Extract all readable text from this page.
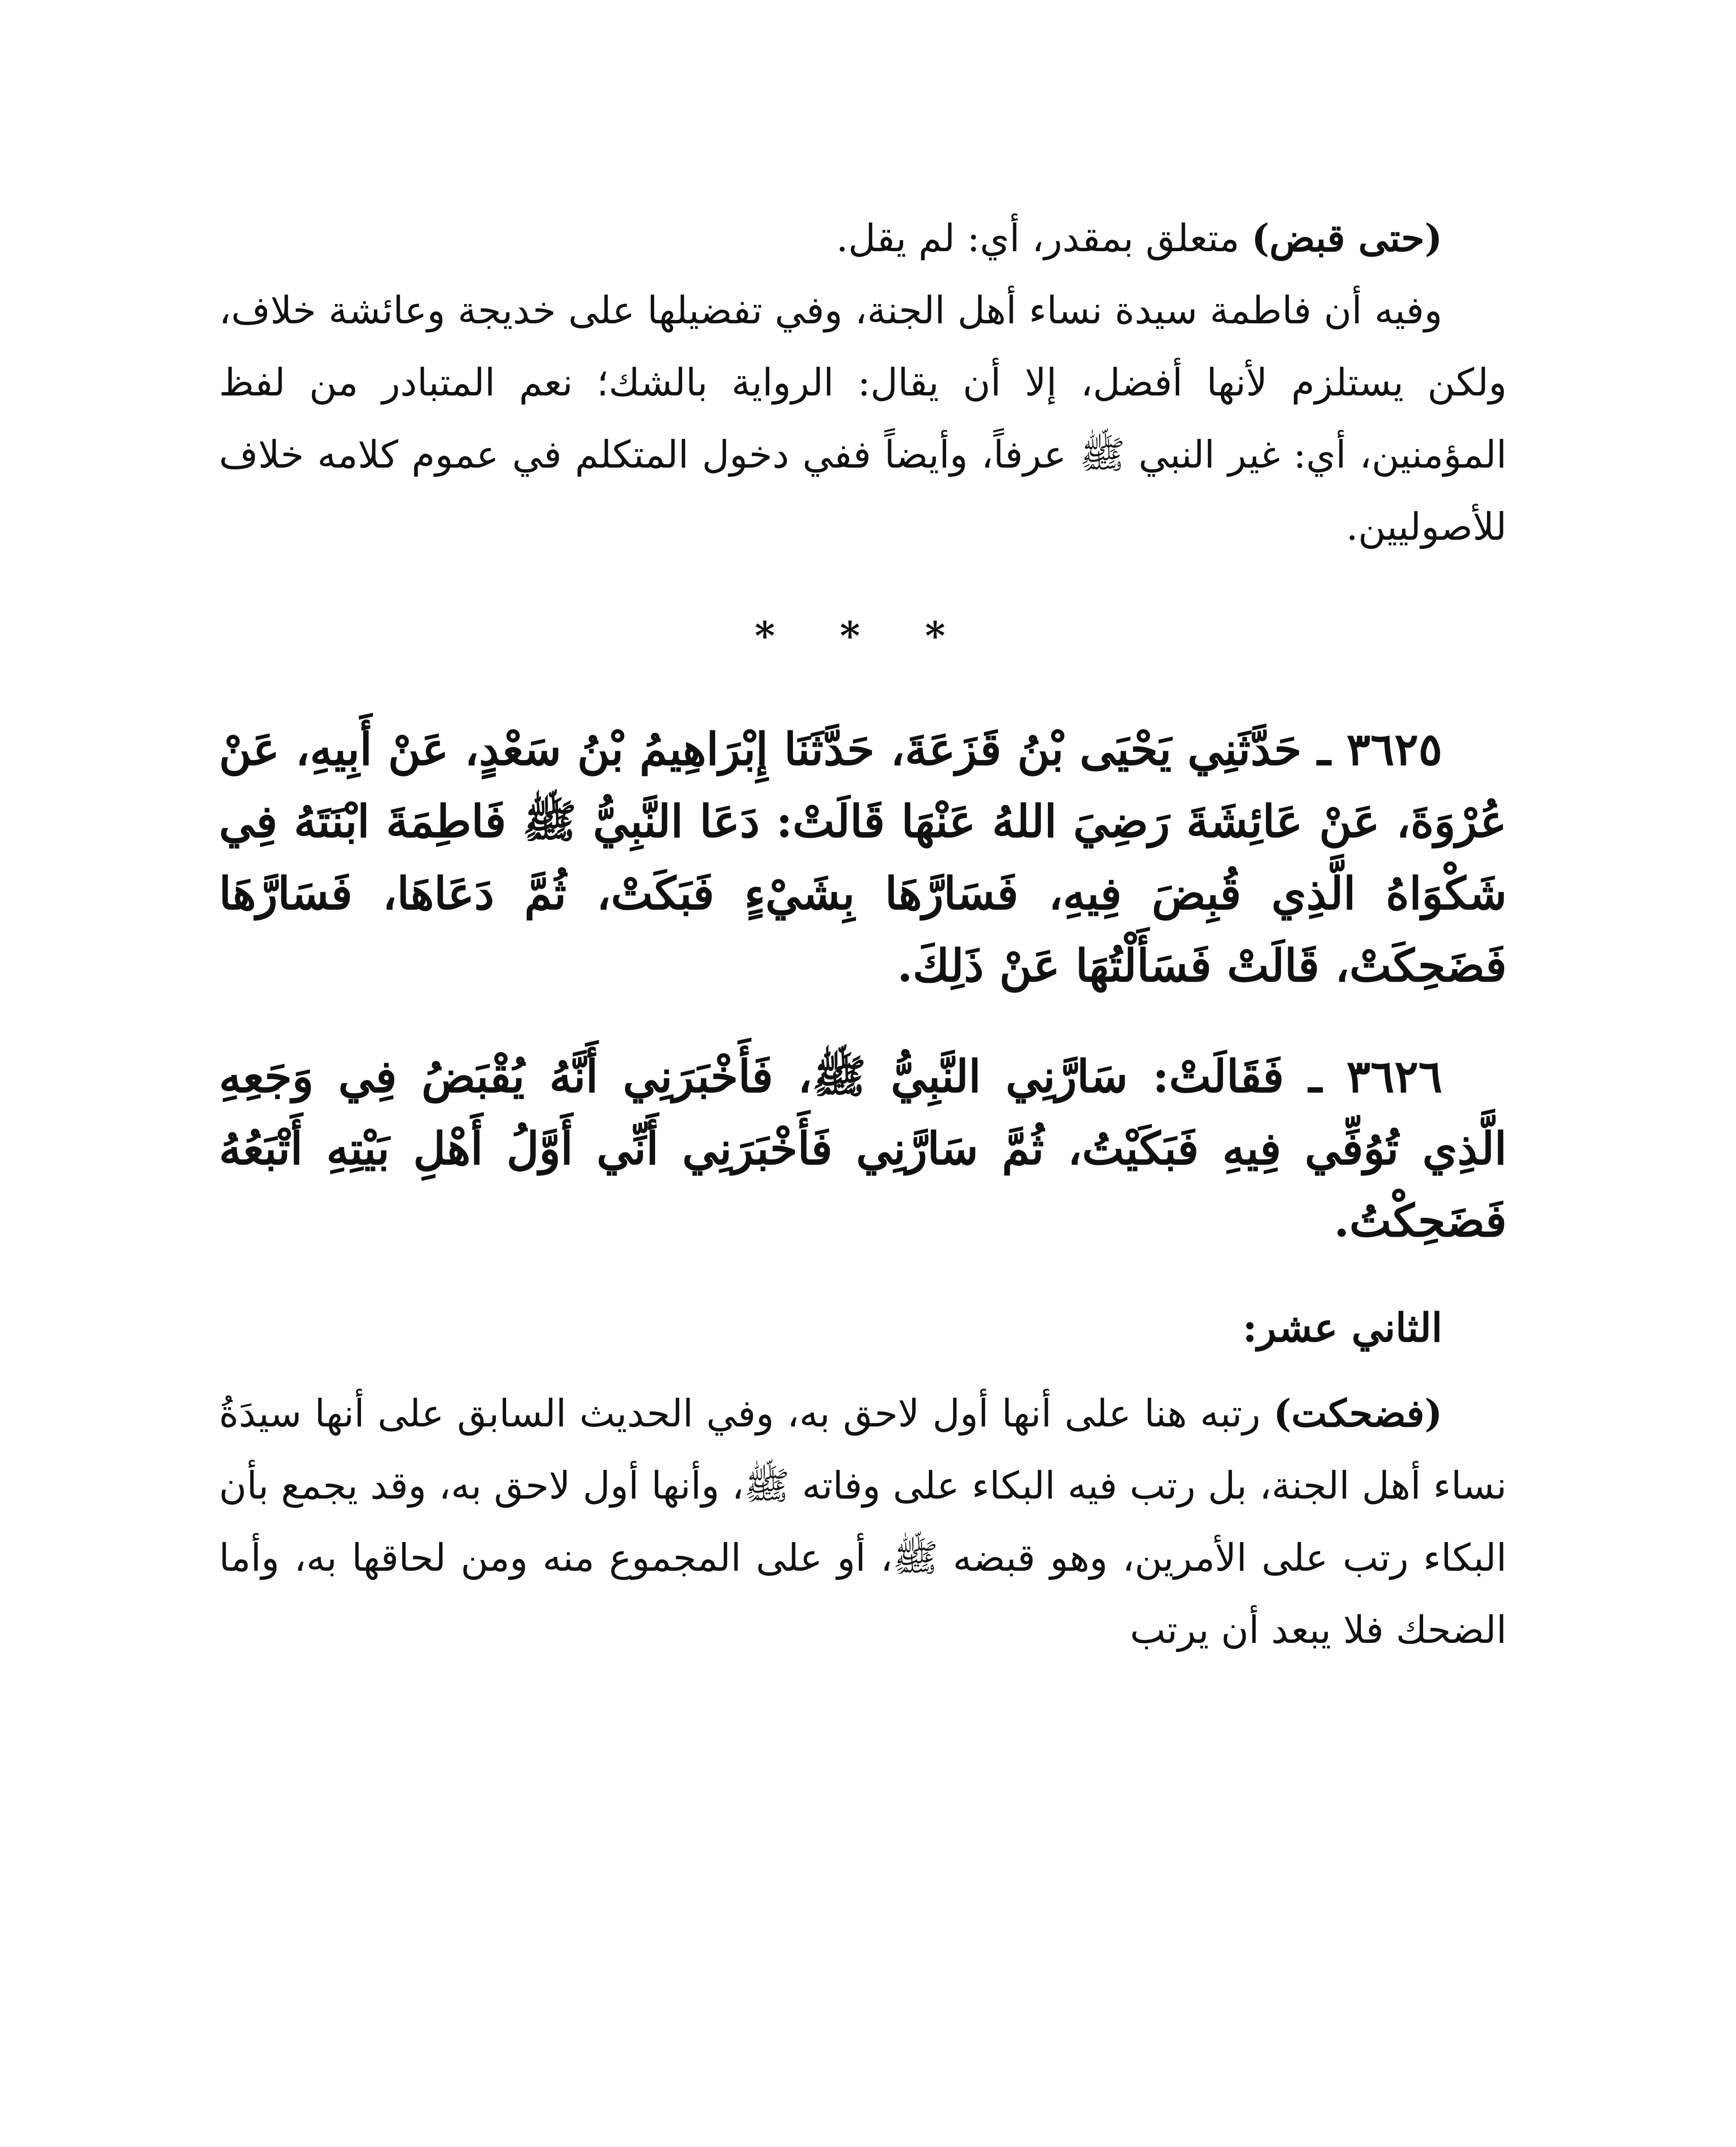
(حتى قبض) متعلق بمقدر، أي: لم يقل.

وفيه أن فاطمة سيدة نساء أهل الجنة، وفي تفضيلها على خديجة وعائشة خلاف، ولكن يستلزم لأنها أفضل، إلا أن يقال: الرواية بالشك؛ نعم المتبادر من لفظ المؤمنين، أي: غير النبي ﷺ عرفاً، وأيضاً ففي دخول المتكلم في عموم كلامه خلاف للأصوليين.

* * *

٣٦٢٥ ـ حَدَّثَنِي يَحْيَى بْنُ قَزَعَةَ، حَدَّثَنَا إِبْرَاهِيمُ بْنُ سَعْدٍ، عَنْ أَبِيهِ، عَنْ عُرْوَةَ، عَنْ عَائِشَةَ رَضِيَ اللهُ عَنْهَا قَالَتْ: دَعَا النَّبِيُّ ﷺ فَاطِمَةَ ابْنَتَهُ فِي شَكْوَاهُ الَّذِي قُبِضَ فِيهِ، فَسَارَّهَا بِشَيْءٍ فَبَكَتْ، ثُمَّ دَعَاهَا، فَسَارَّهَا فَضَحِكَتْ، قَالَتْ فَسَأَلْتُهَا عَنْ ذَلِكَ.

٣٦٢٦ ـ فَقَالَتْ: سَارَّنِي النَّبِيُّ ﷺ، فَأَخْبَرَنِي أَنَّهُ يُقْبَضُ فِي وَجَعِهِ الَّذِي تُوُفِّي فِيهِ فَبَكَيْتُ، ثُمَّ سَارَّنِي فَأَخْبَرَنِي أَنِّي أَوَّلُ أَهْلِ بَيْتِهِ أَتْبَعُهُ فَضَحِكْتُ.

الثاني عشر:

(فضحكت) رتبه هنا على أنها أول لاحق به، وفي الحديث السابق على أنها سيدَةُ نساء أهل الجنة، بل رتب فيه البكاء على وفاته ﷺ، وأنها أول لاحق به، وقد يجمع بأن البكاء رتب على الأمرين، وهو قبضه ﷺ، أو على المجموع منه ومن لحاقها به، وأما الضحك فلا يبعد أن يرتب
